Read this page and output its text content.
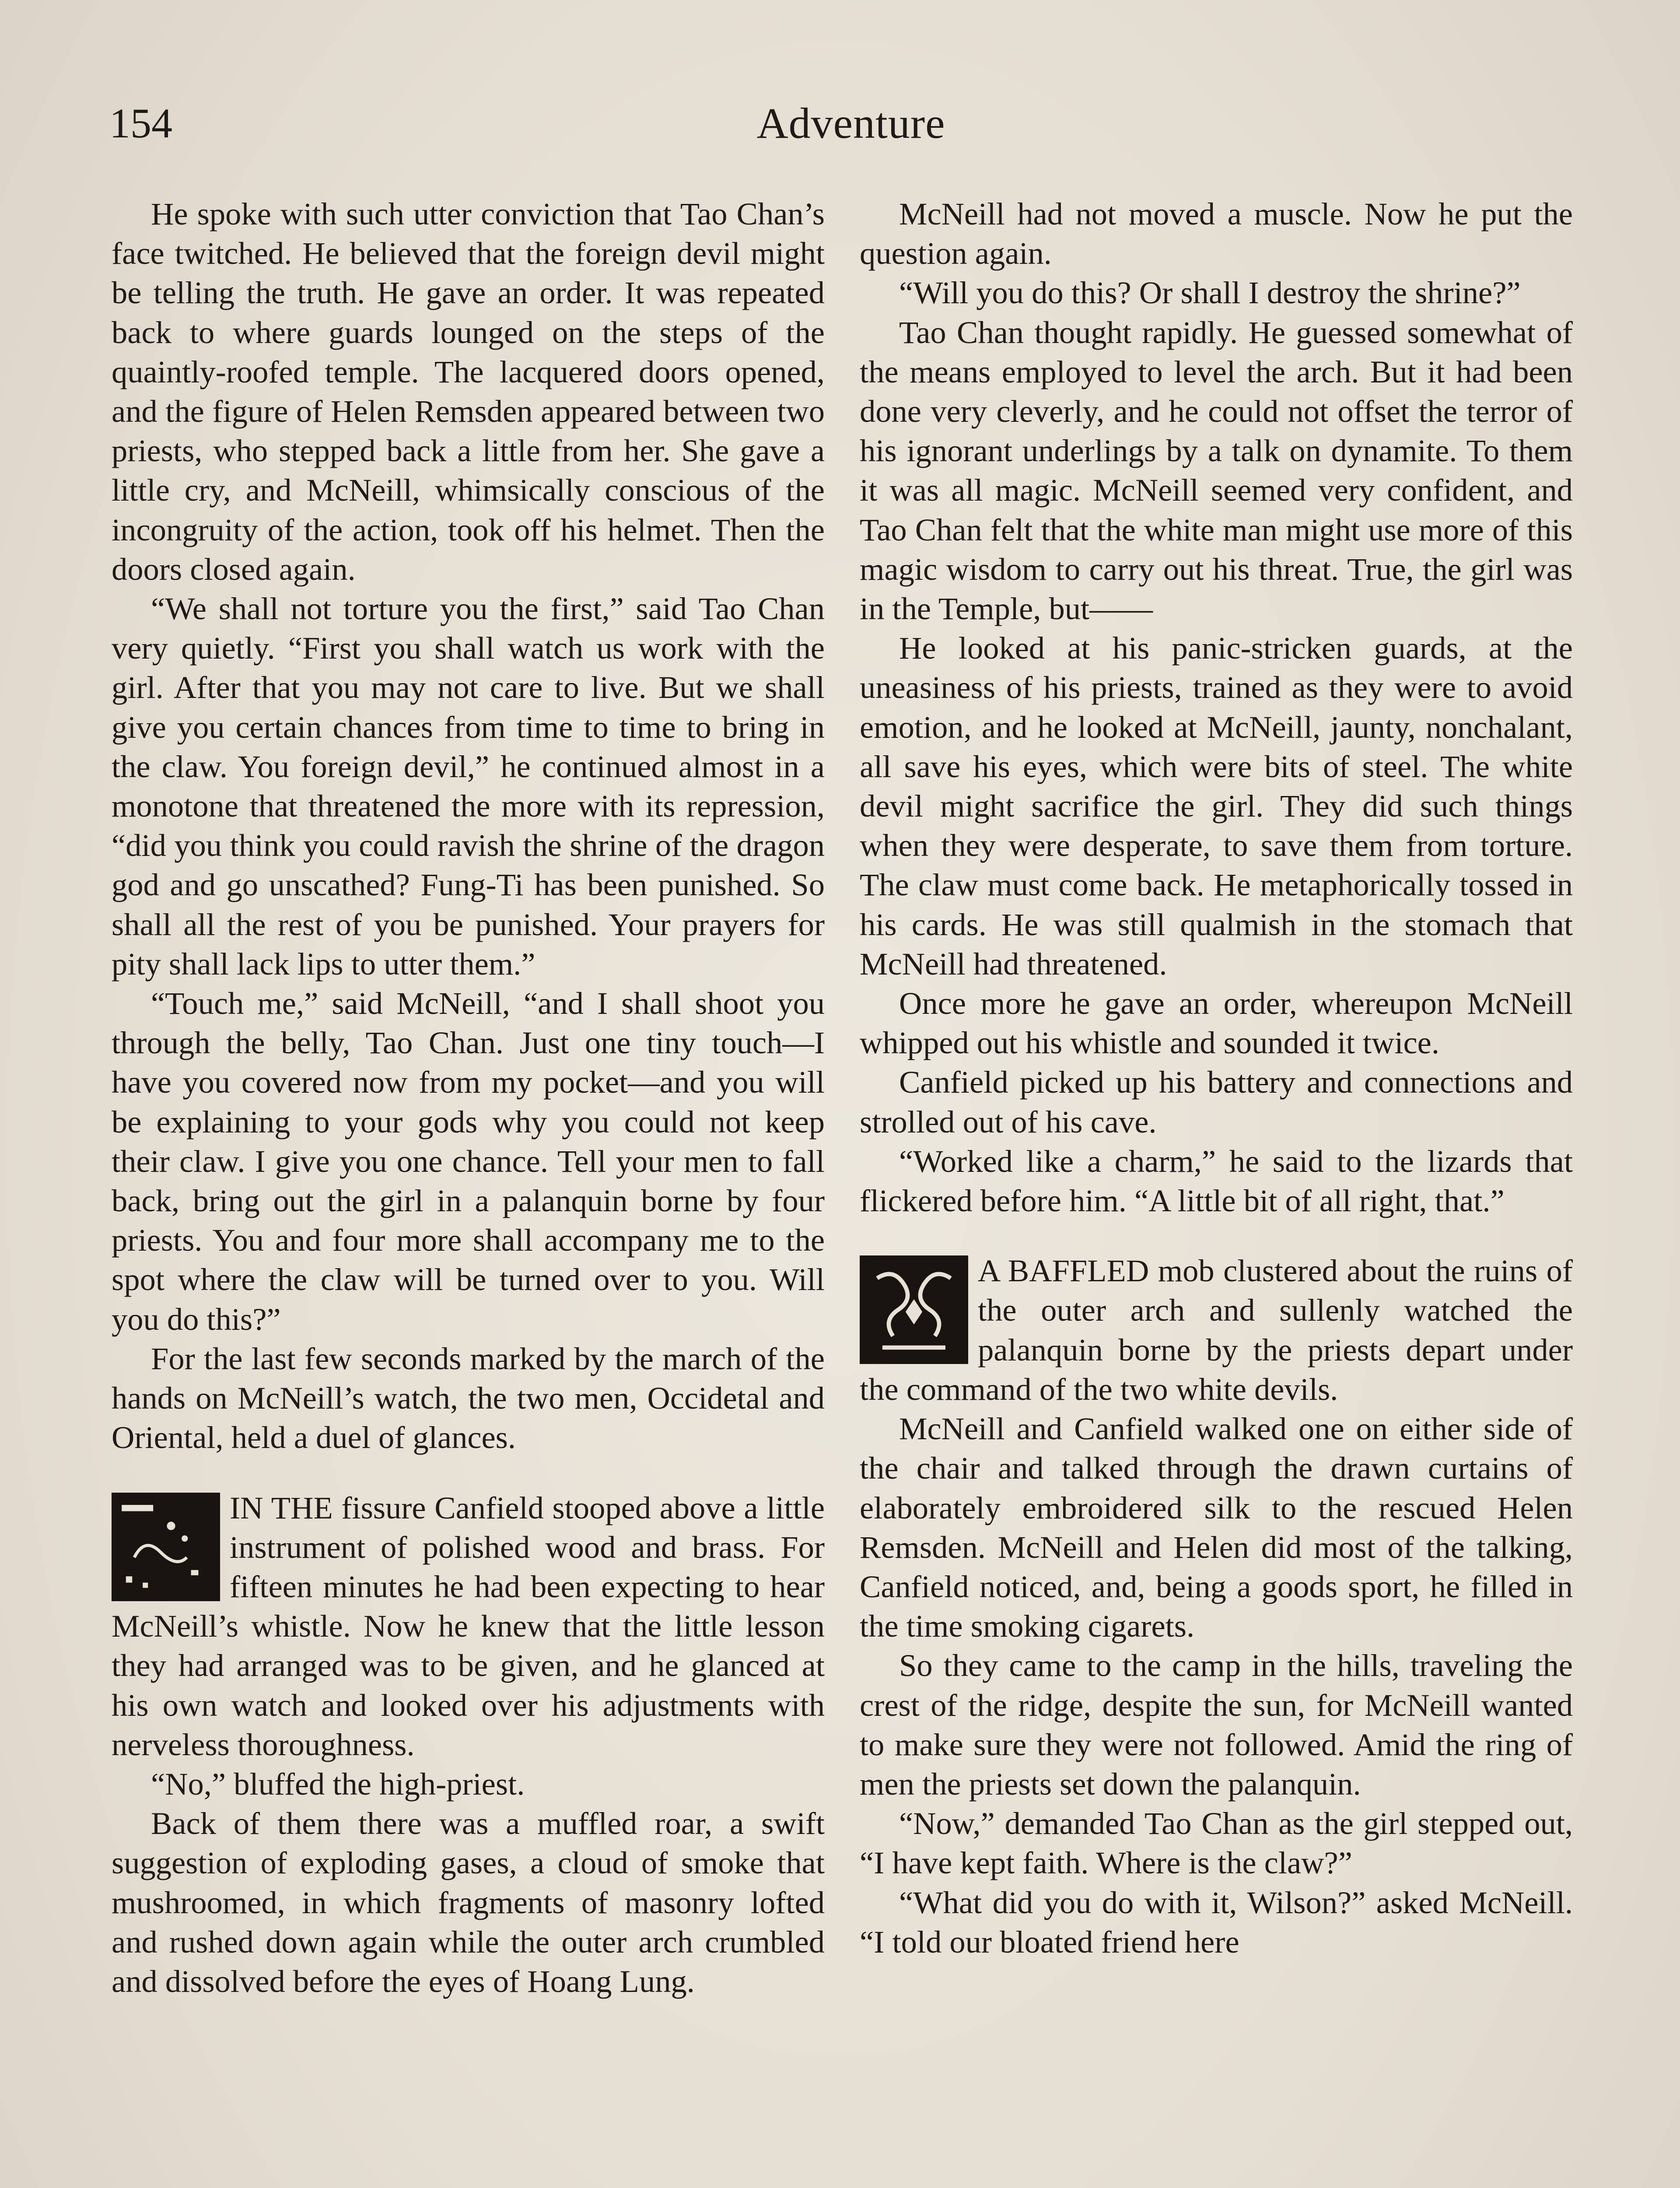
154	Adventure

He spoke with such utter conviction that Tao Chan’s face twitched. He believed that the foreign devil might be telling the truth. He gave an order. It was repeated back to where guards lounged on the steps of the quaintly-roofed temple. The lacquered doors opened, and the figure of Helen Remsden appeared between two priests, who stepped back a little from her. She gave a little cry, and McNeill, whimsically conscious of the incongruity of the action, took off his helmet. Then the doors closed again.

“We shall not torture you the first,” said Tao Chan very quietly. “First you shall watch us work with the girl. After that you may not care to live. But we shall give you certain chances from time to time to bring in the claw. You foreign devil,” he continued almost in a monotone that threatened the more with its repression, “did you think you could ravish the shrine of the dragon god and go unscathed? Fung-Ti has been punished. So shall all the rest of you be punished. Your prayers for pity shall lack lips to utter them.”

“Touch me,” said McNeill, “and I shall shoot you through the belly, Tao Chan. Just one tiny touch—I have you covered now from my pocket—and you will be explaining to your gods why you could not keep their claw. I give you one chance. Tell your men to fall back, bring out the girl in a palanquin borne by four priests. You and four more shall accompany me to the spot where the claw will be turned over to you. Will you do this?”

For the last few seconds marked by the march of the hands on McNeill’s watch, the two men, Occidetal and Oriental, held a duel of glances.

IN THE fissure Canfield stooped above a little instrument of polished wood and brass. For fifteen minutes he had been expecting to hear McNeill’s whistle. Now he knew that the little lesson they had arranged was to be given, and he glanced at his own watch and looked over his adjustments with nerveless thoroughness.

“No,” bluffed the high-priest.

Back of them there was a muffled roar, a swift suggestion of exploding gases, a cloud of smoke that mushroomed, in which fragments of masonry lofted and rushed down again while the outer arch crumbled and dissolved before the eyes of Hoang Lung.

McNeill had not moved a muscle. Now he put the question again.

“Will you do this? Or shall I destroy the shrine?”

Tao Chan thought rapidly. He guessed somewhat of the means employed to level the arch. But it had been done very cleverly, and he could not offset the terror of his ignorant underlings by a talk on dynamite. To them it was all magic. McNeill seemed very confident, and Tao Chan felt that the white man might use more of this magic wisdom to carry out his threat. True, the girl was in the Temple, but——

He looked at his panic-stricken guards, at the uneasiness of his priests, trained as they were to avoid emotion, and he looked at McNeill, jaunty, nonchalant, all save his eyes, which were bits of steel. The white devil might sacrifice the girl. They did such things when they were desperate, to save them from torture. The claw must come back. He metaphorically tossed in his cards. He was still qualmish in the stomach that McNeill had threatened.

Once more he gave an order, whereupon McNeill whipped out his whistle and sounded it twice.

Canfield picked up his battery and connections and strolled out of his cave.

“Worked like a charm,” he said to the lizards that flickered before him. “A little bit of all right, that.”

A BAFFLED mob clustered about the ruins of the outer arch and sullenly watched the palanquin borne by the priests depart under the command of the two white devils.

McNeill and Canfield walked one on either side of the chair and talked through the drawn curtains of elaborately embroidered silk to the rescued Helen Remsden. McNeill and Helen did most of the talking, Canfield noticed, and, being a goods sport, he filled in the time smoking cigarets.

So they came to the camp in the hills, traveling the crest of the ridge, despite the sun, for McNeill wanted to make sure they were not followed. Amid the ring of men the priests set down the palanquin.

“Now,” demanded Tao Chan as the girl stepped out, “I have kept faith. Where is the claw?”

“What did you do with it, Wilson?” asked McNeill. “I told our bloated friend here
